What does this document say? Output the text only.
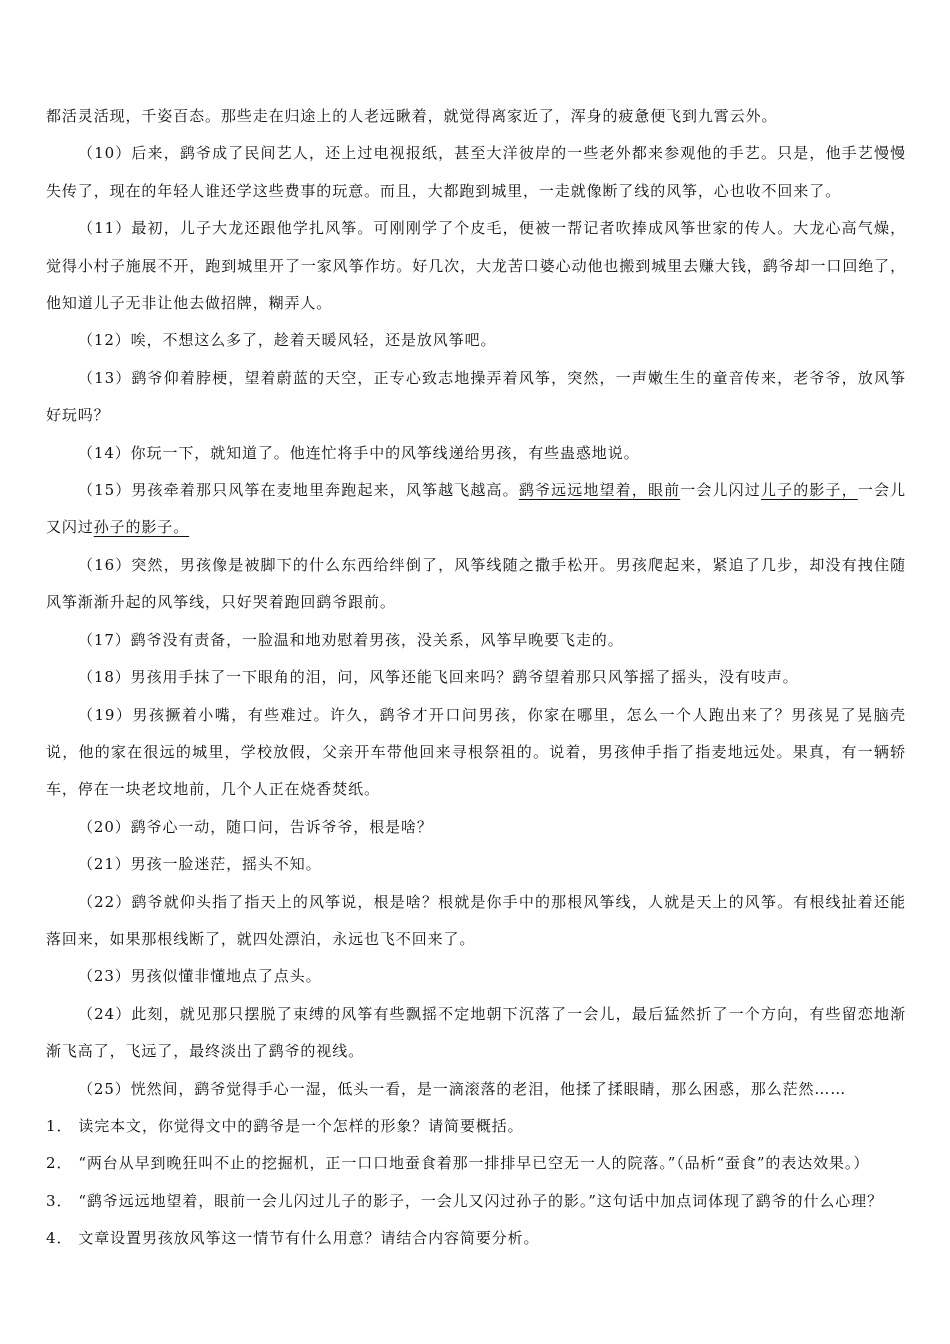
都活灵活现，千姿百态。那些走在归途上的人老远瞅着，就觉得离家近了，浑身的疲惫便飞到九霄云外。

（10）后来，鹞爷成了民间艺人，还上过电视报纸，甚至大洋彼岸的一些老外都来参观他的手艺。只是，他手艺慢慢失传了，现在的年轻人谁还学这些费事的玩意。而且，大都跑到城里，一走就像断了线的风筝，心也收不回来了。

（11）最初，儿子大龙还跟他学扎风筝。可刚刚学了个皮毛，便被一帮记者吹捧成风筝世家的传人。大龙心高气燥，觉得小村子施展不开，跑到城里开了一家风筝作坊。好几次，大龙苦口婆心动他也搬到城里去赚大钱，鹞爷却一口回绝了，他知道儿子无非让他去做招牌，糊弄人。

（12）唉，不想这么多了，趁着天暖风轻，还是放风筝吧。

（13）鹞爷仰着脖梗，望着蔚蓝的天空，正专心致志地操弄着风筝，突然，一声嫩生生的童音传来，老爷爷，放风筝好玩吗？

（14）你玩一下，就知道了。他连忙将手中的风筝线递给男孩，有些蛊惑地说。

（15）男孩牵着那只风筝在麦地里奔跑起来，风筝越飞越高。鹞爷远远地望着，眼前一会儿闪过儿子的影子，一会儿又闪过孙子的影子。

（16）突然，男孩像是被脚下的什么东西给绊倒了，风筝线随之撒手松开。男孩爬起来，紧追了几步，却没有拽住随风筝渐渐升起的风筝线，只好哭着跑回鹞爷跟前。

（17）鹞爷没有责备，一脸温和地劝慰着男孩，没关系，风筝早晚要飞走的。

（18）男孩用手抹了一下眼角的泪，问，风筝还能飞回来吗？鹞爷望着那只风筝摇了摇头，没有吱声。

（19）男孩撅着小嘴，有些难过。许久，鹞爷才开口问男孩，你家在哪里，怎么一个人跑出来了？男孩晃了晃脑壳说，他的家在很远的城里，学校放假，父亲开车带他回来寻根祭祖的。说着，男孩伸手指了指麦地远处。果真，有一辆轿车，停在一块老坟地前，几个人正在烧香焚纸。

（20）鹞爷心一动，随口问，告诉爷爷，根是啥？

（21）男孩一脸迷茫，摇头不知。

（22）鹞爷就仰头指了指天上的风筝说，根是啥？根就是你手中的那根风筝线，人就是天上的风筝。有根线扯着还能落回来，如果那根线断了，就四处漂泊，永远也飞不回来了。

（23）男孩似懂非懂地点了点头。

（24）此刻，就见那只摆脱了束缚的风筝有些飘摇不定地朝下沉落了一会儿，最后猛然折了一个方向，有些留恋地渐渐飞高了，飞远了，最终淡出了鹞爷的视线。

（25）恍然间，鹞爷觉得手心一湿，低头一看，是一滴滚落的老泪，他揉了揉眼睛，那么困惑，那么茫然……

1． 读完本文，你觉得文中的鹞爷是一个怎样的形象？请简要概括。

2． “两台从早到晚狂叫不止的挖掘机，正一口口地蚕食着那一排排早已空无一人的院落。”（品析“蚕食”的表达效果。）

3． “鹞爷远远地望着，眼前一会儿闪过儿子的影子，一会儿又闪过孙子的影。”这句话中加点词体现了鹞爷的什么心理？

4． 文章设置男孩放风筝这一情节有什么用意？请结合内容简要分析。
